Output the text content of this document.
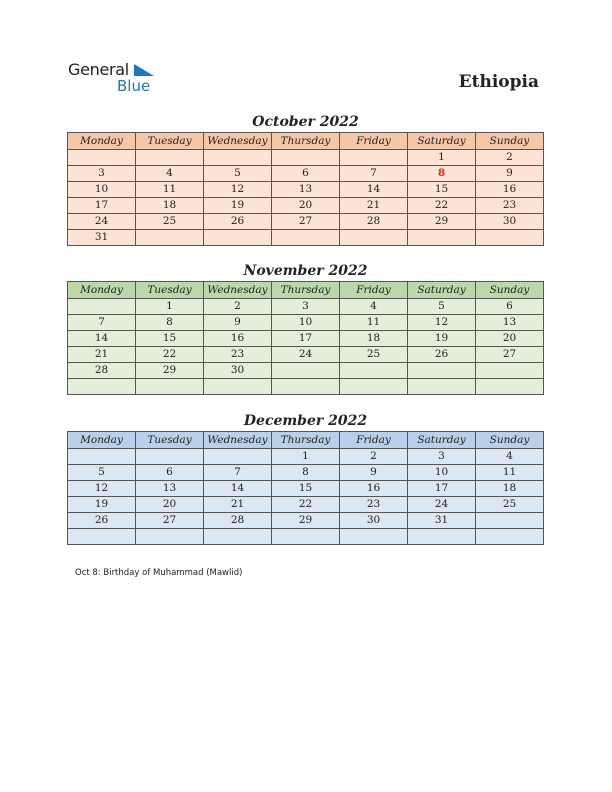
General
Blue	Ethiopia
October 2022
Monday	Tuesday	Wednesday	Thursday	Friday	Saturday	Sunday
					1	2
3	4	5	6	7	8	9
10	11	12	13	14	15	16
17	18	19	20	21	22	23
24	25	26	27	28	29	30
31						
November 2022
Monday	Tuesday	Wednesday	Thursday	Friday	Saturday	Sunday
	1	2	3	4	5	6
7	8	9	10	11	12	13
14	15	16	17	18	19	20
21	22	23	24	25	26	27
28	29	30				

December 2022
Monday	Tuesday	Wednesday	Thursday	Friday	Saturday	Sunday
			1	2	3	4
5	6	7	8	9	10	11
12	13	14	15	16	17	18
19	20	21	22	23	24	25
26	27	28	29	30	31	

Oct 8: Birthday of Muhammad (Mawlid)
